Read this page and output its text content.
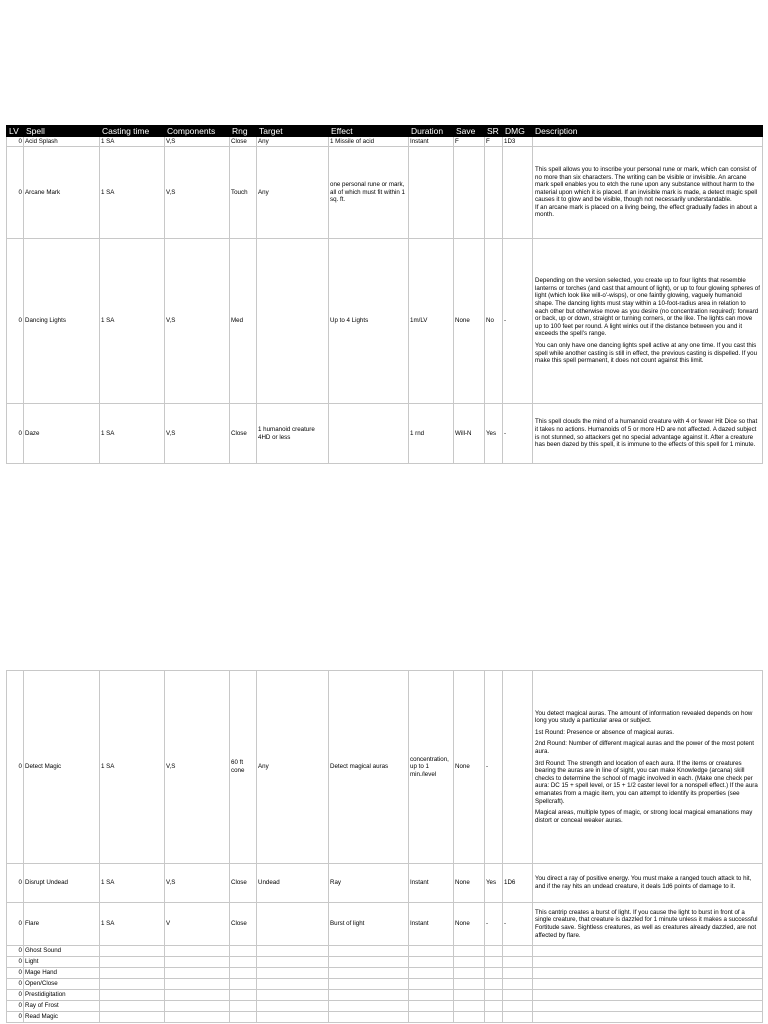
LV	Spell	Casting time	Components	Rng	Target	Effect	Duration	Save	SR	DMG	Description
0	Acid Splash	1 SA	V,S	Close	Any	1 Missile of acid	Instant	F	F	1D3	
0	Arcane Mark	1 SA	V,S	Touch	Any	one personal rune or mark, all of which must fit within 1 sq. ft.					This spell allows you to inscribe your personal rune or mark, which can consist of no more than six characters. The writing can be visible or invisible. An arcane mark spell enables you to etch the rune upon any substance without harm to the material upon which it is placed. If an invisible mark is made, a detect magic spell causes it to glow and be visible, though not necessarily understandable.
If an arcane mark is placed on a living being, the effect gradually fades in about a month.

0	Dancing Lights	1 SA	V,S	Med		Up to 4 Lights	1m/LV	None	No	-	Depending on the version selected, you create up to four lights that resemble lanterns or torches (and cast that amount of light), or up to four glowing spheres of light (which look like will-o'-wisps), or one faintly glowing, vaguely humanoid shape. The dancing lights must stay within a 10-foot-radius area in relation to each other but otherwise move as you desire (no concentration required): forward or back, up or down, straight or turning corners, or the like. The lights can move up to 100 feet per round. A light winks out if the distance between you and it exceeds the spell's range.

You can only have one dancing lights spell active at any one time. If you cast this spell while another casting is still in effect, the previous casting is dispelled. If you make this spell permanent, it does not count against this limit.

0	Daze	1 SA	V,S	Close	1 humanoid creature 4HD or less		1 rnd	Will-N	Yes	-	This spell clouds the mind of a humanoid creature with 4 or fewer Hit Dice so that it takes no actions. Humanoids of 5 or more HD are not affected. A dazed subject is not stunned, so attackers get no special advantage against it. After a creature has been dazed by this spell, it is immune to the effects of this spell for 1 minute.

0	Detect Magic	1 SA	V,S	60 ft cone	Any	Detect magical auras	concentration, up to 1 min./level	None	-		You detect magical auras. The amount of information revealed depends on how long you study a particular area or subject.

1st Round: Presence or absence of magical auras.

2nd Round: Number of different magical auras and the power of the most potent aura.

3rd Round: The strength and location of each aura. If the items or creatures bearing the auras are in line of sight, you can make Knowledge (arcana) skill checks to determine the school of magic involved in each. (Make one check per aura: DC 15 + spell level, or 15 + 1/2 caster level for a nonspell effect.) If the aura emanates from a magic item, you can attempt to identify its properties (see Spellcraft).

Magical areas, multiple types of magic, or strong local magical emanations may distort or conceal weaker auras.

0	Disrupt Undead	1 SA	V,S	Close	Undead	Ray	Instant	None	Yes	1D6	You direct a ray of positive energy. You must make a ranged touch attack to hit, and if the ray hits an undead creature, it deals 1d6 points of damage to it.

0	Flare	1 SA	V	Close		Burst of light	Instant	None	-	-	This cantrip creates a burst of light. If you cause the light to burst in front of a single creature, that creature is dazzled for 1 minute unless it makes a successful Fortitude save. Sightless creatures, as well as creatures already dazzled, are not affected by flare.

0	Ghost Sound										
0	Light										
0	Mage Hand										
0	Open/Close										
0	Prestidigitation										
0	Ray of Frost										
0	Read Magic										
